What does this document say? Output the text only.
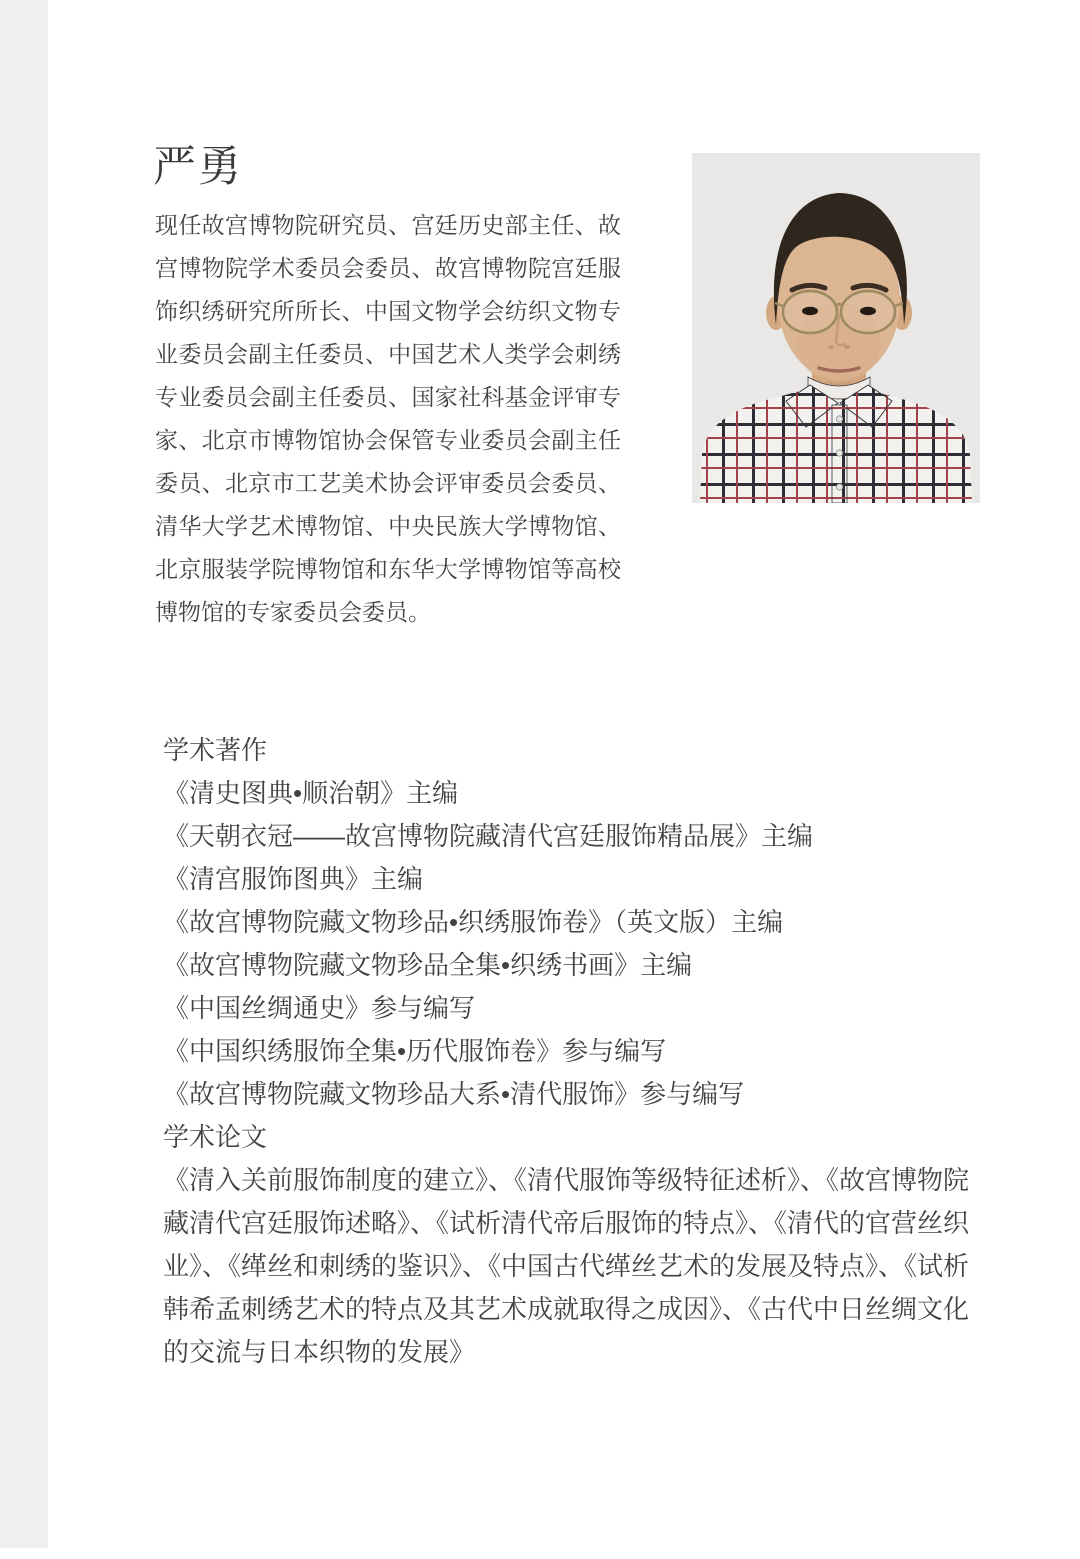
严勇
现任故宫博物院研究员、宫廷历史部主任、故宫博物院学术委员会委员、故宫博物院宫廷服饰织绣研究所所长、中国文物学会纺织文物专业委员会副主任委员、中国艺术人类学会刺绣专业委员会副主任委员、国家社科基金评审专家、北京市博物馆协会保管专业委员会副主任委员、北京市工艺美术协会评审委员会委员、清华大学艺术博物馆、中央民族大学博物馆、北京服装学院博物馆和东华大学博物馆等高校博物馆的专家委员会委员。
学术著作
《清史图典•顺治朝》主编
《天朝衣冠——故宫博物院藏清代宫廷服饰精品展》主编
《清宫服饰图典》主编
《故宫博物院藏文物珍品•织绣服饰卷》（英文版）主编
《故宫博物院藏文物珍品全集•织绣书画》主编
《中国丝绸通史》参与编写
《中国织绣服饰全集•历代服饰卷》参与编写
《故宫博物院藏文物珍品大系•清代服饰》参与编写
学术论文
《清入关前服饰制度的建立》、《清代服饰等级特征述析》、《故宫博物院藏清代宫廷服饰述略》、《试析清代帝后服饰的特点》、《清代的官营丝织业》、《缂丝和刺绣的鉴识》、《中国古代缂丝艺术的发展及特点》、《试析韩希孟刺绣艺术的特点及其艺术成就取得之成因》、《古代中日丝绸文化的交流与日本织物的发展》
